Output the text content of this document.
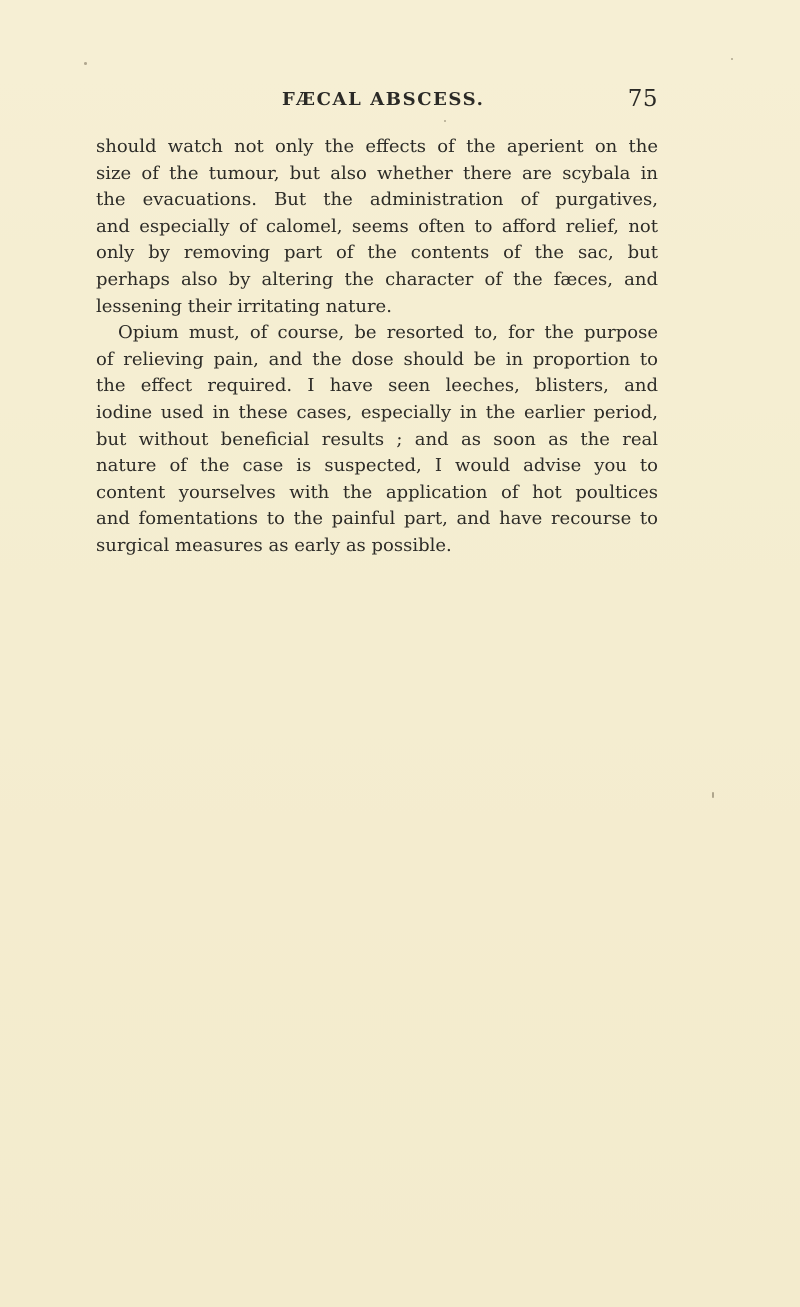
FÆCAL ABSCESS.	75
should watch not only the effects of the aperient on the
size of the tumour, but also whether there are scybala in
the evacuations. But the administration of purgatives,
and especially of calomel, seems often to afford relief, not
only by removing part of the contents of the sac, but
perhaps also by altering the character of the fæces, and
lessening their irritating nature.
Opium must, of course, be resorted to, for the purpose
of relieving pain, and the dose should be in proportion to
the effect required. I have seen leeches, blisters, and
iodine used in these cases, especially in the earlier period,
but without beneficial results ; and as soon as the real
nature of the case is suspected, I would advise you to
content yourselves with the application of hot poultices
and fomentations to the painful part, and have recourse to
surgical measures as early as possible.
